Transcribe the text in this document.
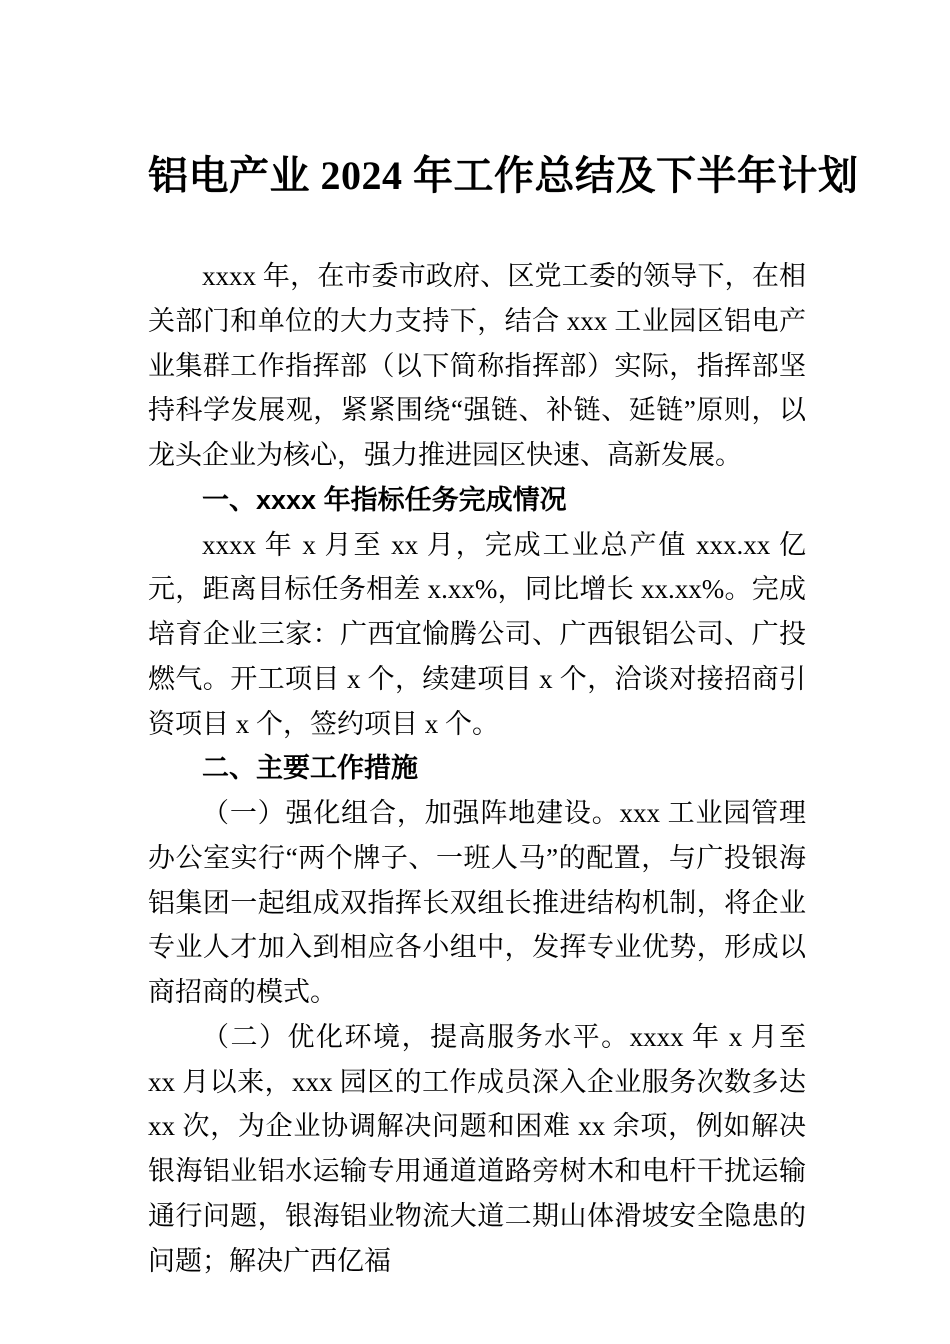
铝电产业 2024 年工作总结及下半年计划

xxxx 年，在市委市政府、区党工委的领导下，在相关部门和单位的大力支持下，结合 xxx 工业园区铝电产业集群工作指挥部（以下简称指挥部）实际，指挥部坚持科学发展观，紧紧围绕“强链、补链、延链”原则，以龙头企业为核心，强力推进园区快速、高新发展。

一、xxxx 年指标任务完成情况

xxxx 年 x 月至 xx 月，完成工业总产值 xxx.xx 亿元，距离目标任务相差 x.xx%，同比增长 xx.xx%。完成培育企业三家：广西宜愉腾公司、广西银铝公司、广投燃气。开工项目 x 个，续建项目 x 个，洽谈对接招商引资项目 x 个，签约项目 x 个。

二、主要工作措施

（一）强化组合，加强阵地建设。xxx 工业园管理办公室实行“两个牌子、一班人马”的配置，与广投银海铝集团一起组成双指挥长双组长推进结构机制，将企业专业人才加入到相应各小组中，发挥专业优势，形成以商招商的模式。

（二）优化环境，提高服务水平。xxxx 年 x 月至 xx 月以来，xxx 园区的工作成员深入企业服务次数多达 xx 次，为企业协调解决问题和困难 xx 余项，例如解决银海铝业铝水运输专用通道道路旁树木和电杆干扰运输通行问题，银海铝业物流大道二期山体滑坡安全隐患的问题；解决广西亿福
